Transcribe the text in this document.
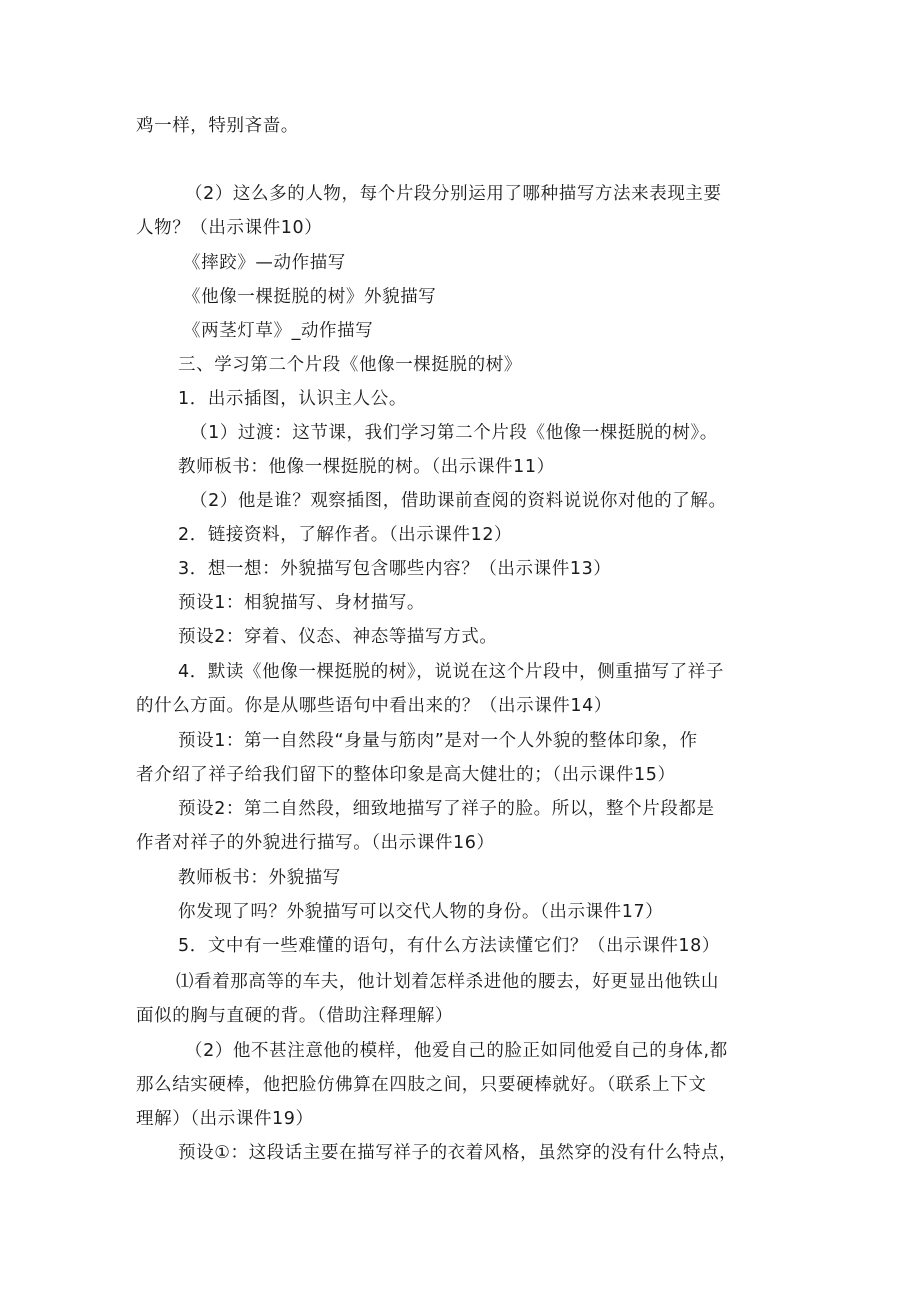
鸡一样，特别吝啬。
（2）这么多的人物，每个片段分别运用了哪种描写方法来表现主要
人物？（出示课件10）
《摔跤》—动作描写
《他像一棵挺脱的树》外貌描写
《两茎灯草》_动作描写
三、学习第二个片段《他像一棵挺脱的树》
1．出示插图，认识主人公。
（1）过渡：这节课，我们学习第二个片段《他像一棵挺脱的树》。
教师板书：他像一棵挺脱的树。（出示课件11）
（2）他是谁？观察插图，借助课前查阅的资料说说你对他的了解。
2．链接资料，了解作者。（出示课件12）
3．想一想：外貌描写包含哪些内容？（出示课件13）
预设1：相貌描写、身材描写。
预设2：穿着、仪态、神态等描写方式。
4．默读《他像一棵挺脱的树》，说说在这个片段中，侧重描写了祥子
的什么方面。你是从哪些语句中看出来的？（出示课件14）
预设1：第一自然段“身量与筋肉”是对一个人外貌的整体印象，作
者介绍了祥子给我们留下的整体印象是高大健壮的；（出示课件15）
预设2：第二自然段，细致地描写了祥子的脸。所以，整个片段都是
作者对祥子的外貌进行描写。（出示课件16）
教师板书：外貌描写
你发现了吗？外貌描写可以交代人物的身份。（出示课件17）
5．文中有一些难懂的语句，有什么方法读懂它们？（出示课件18）
⑴看着那高等的车夫，他计划着怎样杀进他的腰去，好更显出他铁山
面似的胸与直硬的背。（借助注释理解）
（2）他不甚注意他的模样，他爱自己的脸正如同他爱自己的身体,都
那么结实硬棒，他把脸仿佛算在四肢之间，只要硬棒就好。（联系上下文
理解）（出示课件19）
预设①：这段话主要在描写祥子的衣着风格，虽然穿的没有什么特点，
